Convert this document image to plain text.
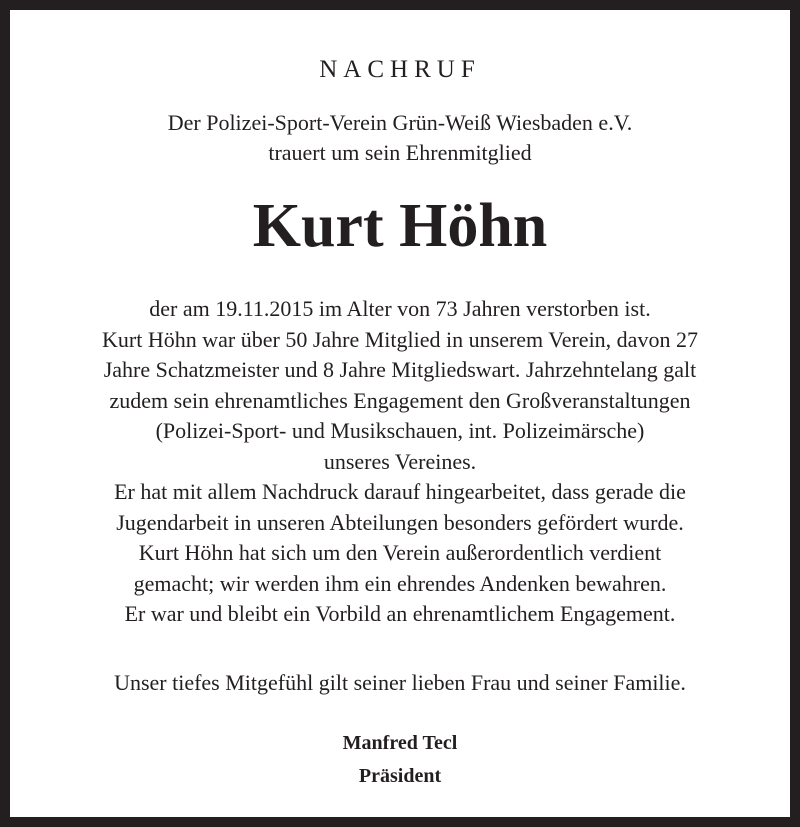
NACHRUF
Der Polizei-Sport-Verein Grün-Weiß Wiesbaden e.V.
trauert um sein Ehrenmitglied
Kurt Höhn
der am 19.11.2015 im Alter von 73 Jahren verstorben ist.
Kurt Höhn war über 50 Jahre Mitglied in unserem Verein, davon 27
Jahre Schatzmeister und 8 Jahre Mitgliedswart. Jahrzehntelang galt
zudem sein ehrenamtliches Engagement den Großveranstaltungen
(Polizei-Sport- und Musikschauen, int. Polizeimärsche)
unseres Vereines.
Er hat mit allem Nachdruck darauf hingearbeitet, dass gerade die
Jugendarbeit in unseren Abteilungen besonders gefördert wurde.
Kurt Höhn hat sich um den Verein außerordentlich verdient
gemacht; wir werden ihm ein ehrendes Andenken bewahren.
Er war und bleibt ein Vorbild an ehrenamtlichem Engagement.
Unser tiefes Mitgefühl gilt seiner lieben Frau und seiner Familie.
Manfred Tecl
Präsident
